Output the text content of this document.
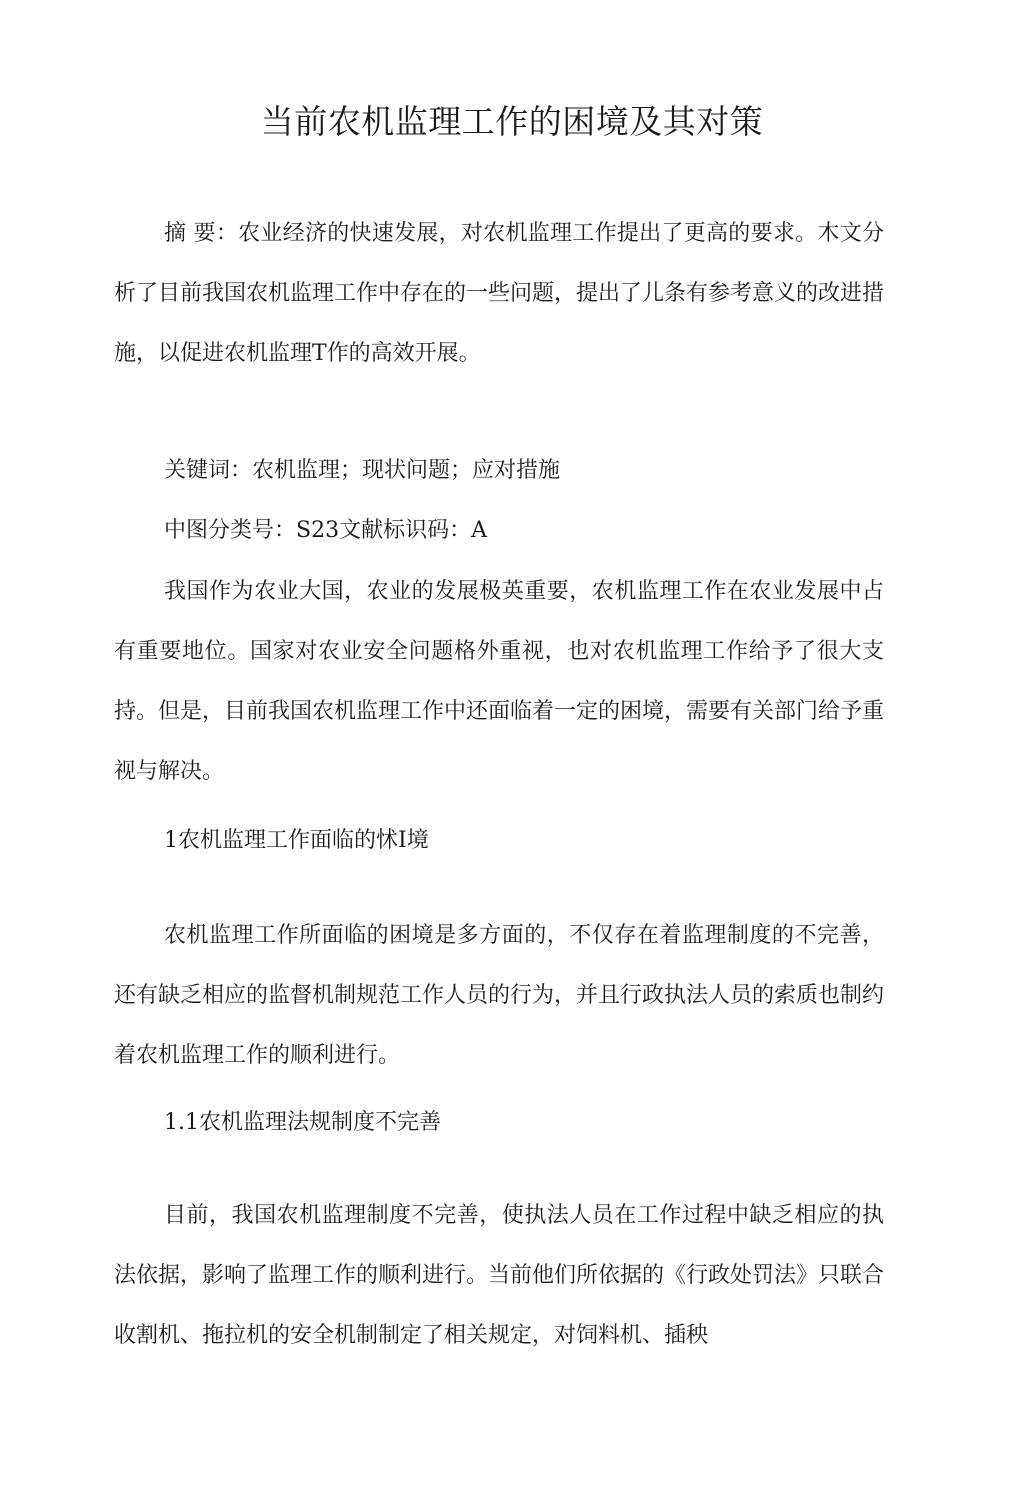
当前农机监理工作的困境及其对策

摘 要：农业经济的快速发展，对农机监理工作提出了更高的要求。木文分析了目前我国农机监理工作中存在的一些问题，提出了儿条有参考意义的改进措施，以促进农机监理T作的高效开展。

关键词：农机监理；现状问题；应对措施

中图分类号：S23文献标识码：A

我国作为农业大国，农业的发展极英重要，农机监理工作在农业发展中占有重要地位。国家对农业安全问题格外重视，也对农机监理工作给予了很大支持。但是，目前我国农机监理工作中还面临着一定的困境，需要有关部门给予重视与解决。

1农机监理工作面临的怵I境

农机监理工作所面临的困境是多方面的，不仅存在着监理制度的不完善，还有缺乏相应的监督机制规范工作人员的行为，并且行政执法人员的索质也制约着农机监理工作的顺利进行。

1.1农机监理法规制度不完善

目前，我国农机监理制度不完善，使执法人员在工作过程中缺乏相应的执法依据，影响了监理工作的顺利进行。当前他们所依据的《行政处罚法》只联合收割机、拖拉机的安全机制制定了相关规定，对饲料机、插秧
